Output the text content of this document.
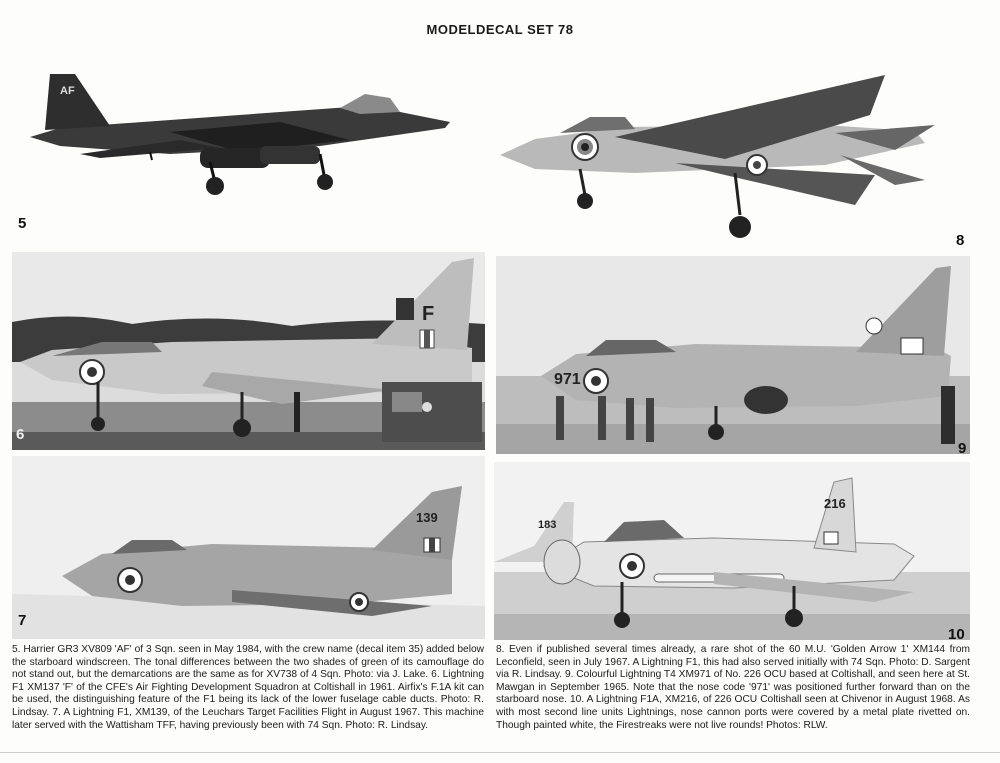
MODELDECAL SET 78
AF
5
8
F
6
971
9
139
7
183
216
10

5. Harrier GR3 XV809 'AF' of 3 Sqn. seen in May 1984, with the crew name (decal item 35) added below the starboard windscreen. The tonal differences between the two shades of green of its camouflage do not stand out, but the demarcations are the same as for XV738 of 4 Sqn. Photo: via J. Lake. 6. Lightning F1 XM137 'F' of the CFE's Air Fighting Development Squadron at Coltishall in 1961. Airfix's F.1A kit can be used, the distinguishing feature of the F1 being its lack of the lower fuselage cable ducts. Photo: R. Lindsay. 7. A Lightning F1, XM139, of the Leuchars Target Facilities Flight in August 1967. This machine later served with the Wattisham TFF, having previously been with 74 Sqn. Photo: R. Lindsay.

8. Even if published several times already, a rare shot of the 60 M.U. 'Golden Arrow 1' XM144 from Leconfield, seen in July 1967. A Lightning F1, this had also served initially with 74 Sqn. Photo: D. Sargent via R. Lindsay. 9. Colourful Lightning T4 XM971 of No. 226 OCU based at Coltishall, and seen here at St. Mawgan in September 1965. Note that the nose code '971' was positioned further forward than on the starboard nose. 10. A Lightning F1A, XM216, of 226 OCU Coltishall seen at Chivenor in August 1968. As with most second line units Lightnings, nose cannon ports were covered by a metal plate rivetted on. Though painted white, the Firestreaks were not live rounds! Photos: RLW.
